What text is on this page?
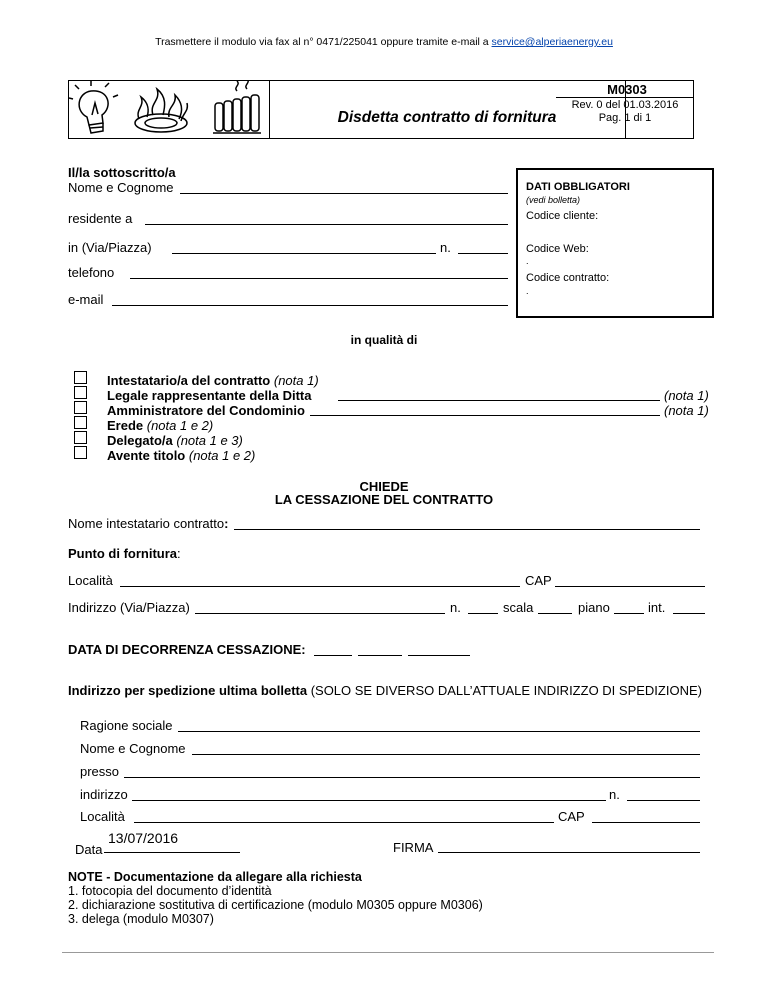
Trasmettere il modulo via fax al n° 0471/225041 oppure tramite e-mail a service@alperiaenergy.eu
Disdetta contratto di fornitura
M0303
Rev. 0 del 01.03.2016
Pag. 1 di 1
Il/la sottoscritto/a
Nome e Cognome
residente a
in (Via/Piazza)	n.
telefono
e-mail
DATI OBBLIGATORI
(vedi bolletta)
Codice cliente:
Codice Web:
.
Codice contratto:
.
in qualità di
Intestatario/a del contratto (nota 1)
Legale rappresentante della Ditta	(nota 1)
Amministratore del Condominio	(nota 1)
Erede (nota 1 e 2)
Delegato/a (nota 1 e 3)
Avente titolo (nota 1 e 2)
CHIEDE
LA CESSAZIONE DEL CONTRATTO
Nome intestatario contratto:
Punto di fornitura:
Località	CAP
Indirizzo (Via/Piazza)	n.	scala	piano	int.
DATA DI DECORRENZA CESSAZIONE:
Indirizzo per spedizione ultima bolletta (SOLO SE DIVERSO DALL’ATTUALE INDIRIZZO DI SPEDIZIONE)
Ragione sociale
Nome e Cognome
presso
indirizzo	n.
Località	CAP
Data
13/07/2016
FIRMA
NOTE - Documentazione da allegare alla richiesta
1. fotocopia del documento d’identità
2. dichiarazione sostitutiva di certificazione (modulo M0305 oppure M0306)
3. delega (modulo M0307)
